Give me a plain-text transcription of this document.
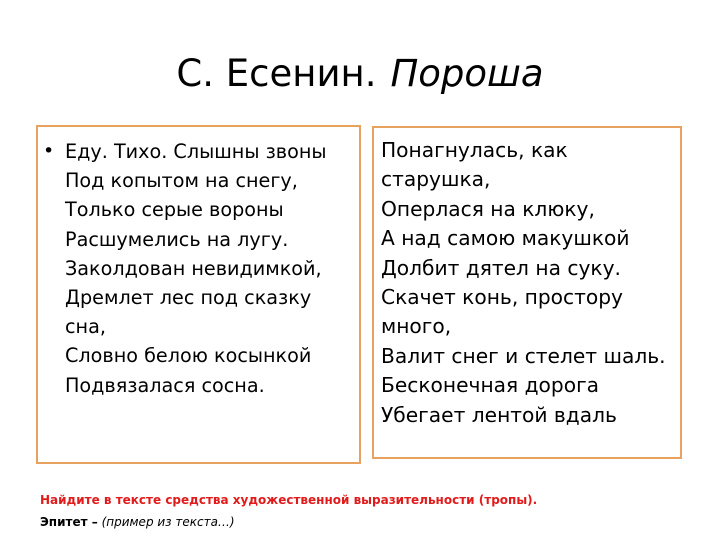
С. Есенин. Пороша
• Еду. Тихо. Слышны звоны
Под копытом на снегу,
Только серые вороны
Расшумелись на лугу.
Заколдован невидимкой,
Дремлет лес под сказку
сна,
Словно белою косынкой
Подвязалася сосна.
Понагнулась, как
старушка,
Оперлася на клюку,
А над самою макушкой
Долбит дятел на суку.
Скачет конь, простору
много,
Валит снег и стелет шаль.
Бесконечная дорога
Убегает лентой вдаль
Найдите в тексте средства художественной выразительности (тропы).
Эпитет – (пример из текста…)
